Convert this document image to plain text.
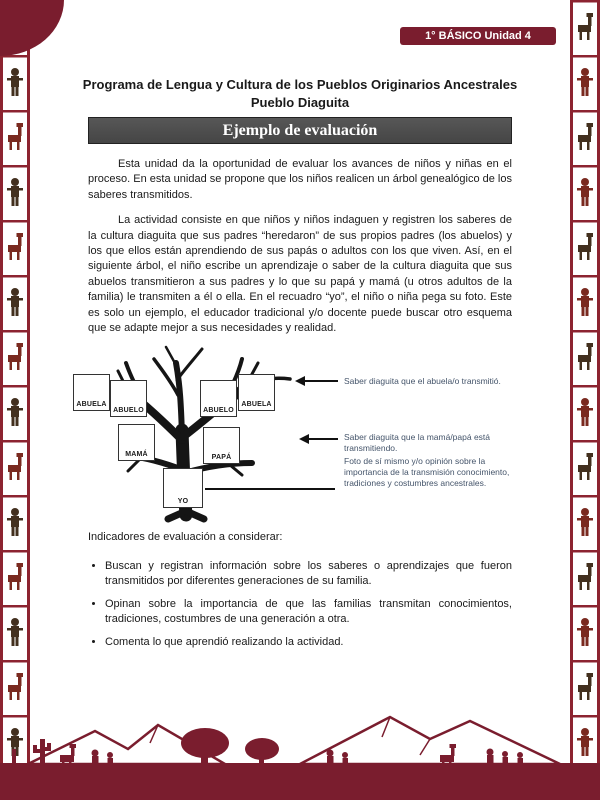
1° BÁSICO Unidad 4
Programa de Lengua y Cultura de los Pueblos Originarios Ancestrales
Pueblo Diaguita
Ejemplo de evaluación

Esta unidad da la oportunidad de evaluar los avances de niños y niñas en el proceso. En esta unidad se propone que los niños realicen un árbol genealógico de los saberes transmitidos.

La actividad consiste en que niños y niños indaguen y registren los saberes de la cultura diaguita que sus padres “heredaron” de sus propios padres (los abuelos) y los que ellos están aprendiendo de sus papás o adultos con los que viven. Así, en el siguiente árbol, el niño escribe un aprendizaje o saber de la cultura diaguita que sus abuelos transmitieron a sus padres y lo que su papá y mamá (u otros adultos de la familia) le transmiten a él o ella. En el recuadro “yo”, el niño o niña pega su foto. Este es solo un ejemplo, el educador tradicional y/o docente puede buscar otro esquema que se adapte mejor a sus necesidades y realidad.

ABUELA
ABUELO	ABUELO
ABUELA
MAMÁ	PAPÁ
YO
Saber diaguita que el abuela/o transmitió.
Saber diaguita que la mamá/papá está transmitiendo.
Foto de sí mismo y/o opinión sobre la importancia de la transmisión conocimiento, tradiciones y costumbres ancestrales.

Indicadores de evaluación a considerar:

• Buscan y registran información sobre los saberes o aprendizajes que fueron transmitidos por diferentes generaciones de su familia.
• Opinan sobre la importancia de que las familias transmitan conocimientos, tradiciones, costumbres de una generación a otra.
• Comenta lo que aprendió realizando la actividad.
